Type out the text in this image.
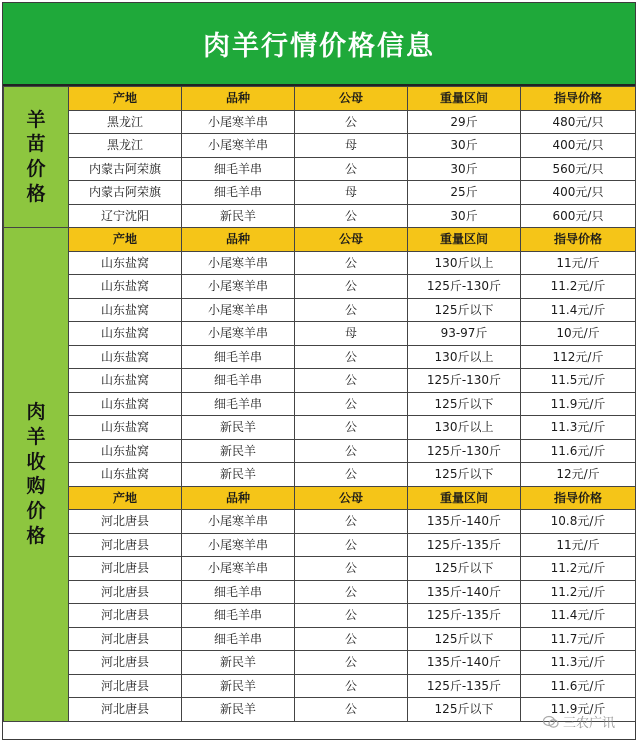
肉羊行情价格信息
羊苗价格	产地	品种	公母	重量区间	指导价格
	黑龙江	小尾寒羊串	公	29斤	480元/只
	黑龙江	小尾寒羊串	母	30斤	400元/只
	内蒙古阿荣旗	细毛羊串	公	30斤	560元/只
	内蒙古阿荣旗	细毛羊串	母	25斤	400元/只
	辽宁沈阳	新民羊	公	30斤	600元/只

肉羊收购价格	产地	品种	公母	重量区间	指导价格
	山东盐窝	小尾寒羊串	公	130斤以上	11元/斤
	山东盐窝	小尾寒羊串	公	125斤-130斤	11.2元/斤
	山东盐窝	小尾寒羊串	公	125斤以下	11.4元/斤
	山东盐窝	小尾寒羊串	母	93-97斤	10元/斤
	山东盐窝	细毛羊串	公	130斤以上	112元/斤
	山东盐窝	细毛羊串	公	125斤-130斤	11.5元/斤
	山东盐窝	细毛羊串	公	125斤以下	11.9元/斤
	山东盐窝	新民羊	公	130斤以上	11.3元/斤
	山东盐窝	新民羊	公	125斤-130斤	11.6元/斤
	山东盐窝	新民羊	公	125斤以下	12元/斤
	产地	品种	公母	重量区间	指导价格
	河北唐县	小尾寒羊串	公	135斤-140斤	10.8元/斤
	河北唐县	小尾寒羊串	公	125斤-135斤	11元/斤
	河北唐县	小尾寒羊串	公	125斤以下	11.2元/斤
	河北唐县	细毛羊串	公	135斤-140斤	11.2元/斤
	河北唐县	细毛羊串	公	125斤-135斤	11.4元/斤
	河北唐县	细毛羊串	公	125斤以下	11.7元/斤
	河北唐县	新民羊	公	135斤-140斤	11.3元/斤
	河北唐县	新民羊	公	125斤-135斤	11.6元/斤
	河北唐县	新民羊	公	125斤以下	11.9元/斤
三农广讯
